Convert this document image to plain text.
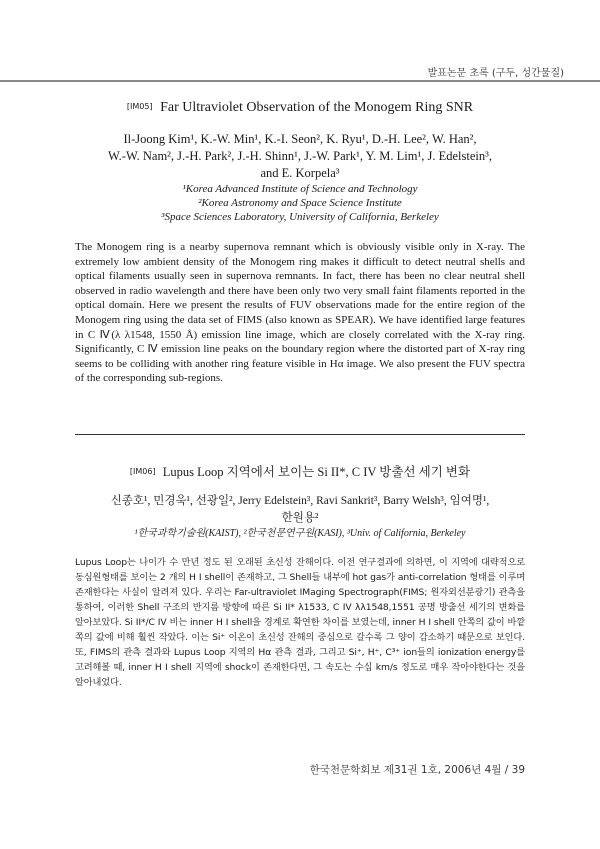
발표논문 초록 (구두, 성간물질)

[IM05] Far Ultraviolet Observation of the Monogem Ring SNR

Il-Joong Kim¹, K.-W. Min¹, K.-I. Seon², K. Ryu¹, D.-H. Lee², W. Han²,
W.-W. Nam², J.-H. Park², J.-H. Shinn¹, J.-W. Park¹, Y. M. Lim¹, J. Edelstein³,
and E. Korpela³
¹Korea Advanced Institute of Science and Technology
²Korea Astronomy and Space Science Institute
³Space Sciences Laboratory, University of California, Berkeley
The Monogem ring is a nearby supernova remnant which is obviously visible only in X-ray. The extremely low ambient density of the Monogem ring makes it difficult to detect neutral shells and optical filaments usually seen in supernova remnants. In fact, there has been no clear neutral shell observed in radio wavelength and there have been only two very small faint filaments reported in the optical domain. Here we present the results of FUV observations made for the entire region of the Monogem ring using the data set of FIMS (also known as SPEAR). We have identified large features in C Ⅳ(λ λ1548, 1550 Å) emission line image, which are closely correlated with the X-ray ring. Significantly, C Ⅳ emission line peaks on the boundary region where the distorted part of X-ray ring seems to be colliding with another ring feature visible in Hα image. We also present the FUV spectra of the corresponding sub-regions.

[IM06] Lupus Loop 지역에서 보이는 Si II*, C IV 방출선 세기 변화

신종호¹, 민경욱¹, 선광일², Jerry Edelstein³, Ravi Sankrit³, Barry Welsh³, 임여명¹,
한원용²
¹한국과학기술원(KAIST), ²한국천문연구원(KASI), ³Univ. of California, Berkeley
Lupus Loop는 나이가 수 만년 정도 된 오래된 초신성 잔해이다. 이전 연구결과에 의하면, 이 지역에 대략적으로 동심원형태를 보이는 2 개의 H I shell이 존재하고, 그 Shell들 내부에 hot gas가 anti-correlation 형태를 이루며 존재한다는 사실이 알려져 있다. 우리는 Far-ultraviolet IMaging Spectrograph(FIMS; 원자외선분광기) 관측을 통하여, 이러한 Shell 구조의 반지름 방향에 따른 Si II* λ1533, C IV λλ1548,1551 공명 방출선 세기의 변화를 알아보았다. Si II*/C IV 비는 inner H I shell을 경계로 확연한 차이를 보였는데, inner H I shell 안쪽의 값이 바깥쪽의 값에 비해 훨씬 작았다. 이는 Si⁺ 이온이 초신성 잔해의 중심으로 갈수록 그 양이 감소하기 때문으로 보인다. 또, FIMS의 관측 결과와 Lupus Loop 지역의 Hα 관측 결과, 그리고 Si⁺, H⁺, C³⁺ ion들의 ionization energy를 고려해볼 때, inner H I shell 지역에 shock이 존재한다면, 그 속도는 수십 km/s 정도로 매우 작아야한다는 것을 알아내었다.
한국천문학회보 제31권 1호, 2006년 4월 / 39
